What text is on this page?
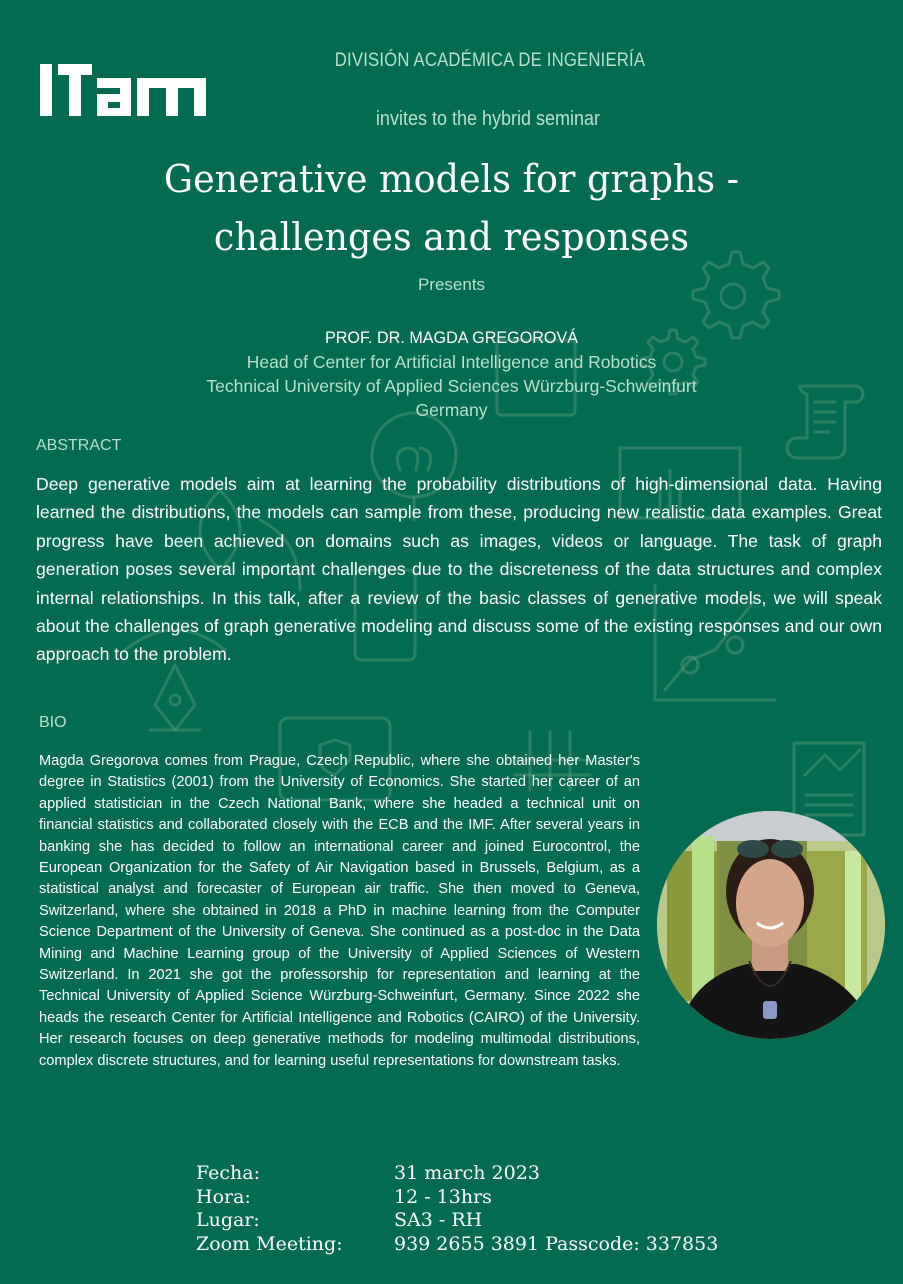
DIVISIÓN ACADÉMICA DE INGENIERÍA
invites to the hybrid seminar
Generative models for graphs -
challenges and responses
Presents
PROF. DR. MAGDA GREGOROVÁ
Head of Center for Artificial Intelligence and Robotics
Technical University of Applied Sciences Würzburg-Schweinfurt
Germany
ABSTRACT
Deep generative models aim at learning the probability distributions of high-dimensional data. Having learned the distributions, the models can sample from these, producing new realistic data examples. Great progress have been achieved on domains such as images, videos or language. The task of graph generation poses several important challenges due to the discreteness of the data structures and complex internal relationships. In this talk, after a review of the basic classes of generative models, we will speak about the challenges of graph generative modeling and discuss some of the existing responses and our own approach to the problem.
BIO
Magda Gregorova comes from Prague, Czech Republic, where she obtained her Master's degree in Statistics (2001) from the University of Economics. She started her career of an applied statistician in the Czech National Bank, where she headed a technical unit on financial statistics and collaborated closely with the ECB and the IMF. After several years in banking she has decided to follow an international career and joined Eurocontrol, the European Organization for the Safety of Air Navigation based in Brussels, Belgium, as a statistical analyst and forecaster of European air traffic. She then moved to Geneva, Switzerland, where she obtained in 2018 a PhD in machine learning from the Computer Science Department of the University of Geneva. She continued as a post-doc in the Data Mining and Machine Learning group of the University of Applied Sciences of Western Switzerland. In 2021 she got the professorship for representation and learning at the Technical University of Applied Science Würzburg-Schweinfurt, Germany. Since 2022 she heads the research Center for Artificial Intelligence and Robotics (CAIRO) of the University. Her research focuses on deep generative methods for modeling multimodal distributions, complex discrete structures, and for learning useful representations for downstream tasks.
Fecha:	31 march 2023
Hora:	12 - 13hrs
Lugar:	SA3 - RH
Zoom Meeting:	939 2655 3891 Passcode: 337853
